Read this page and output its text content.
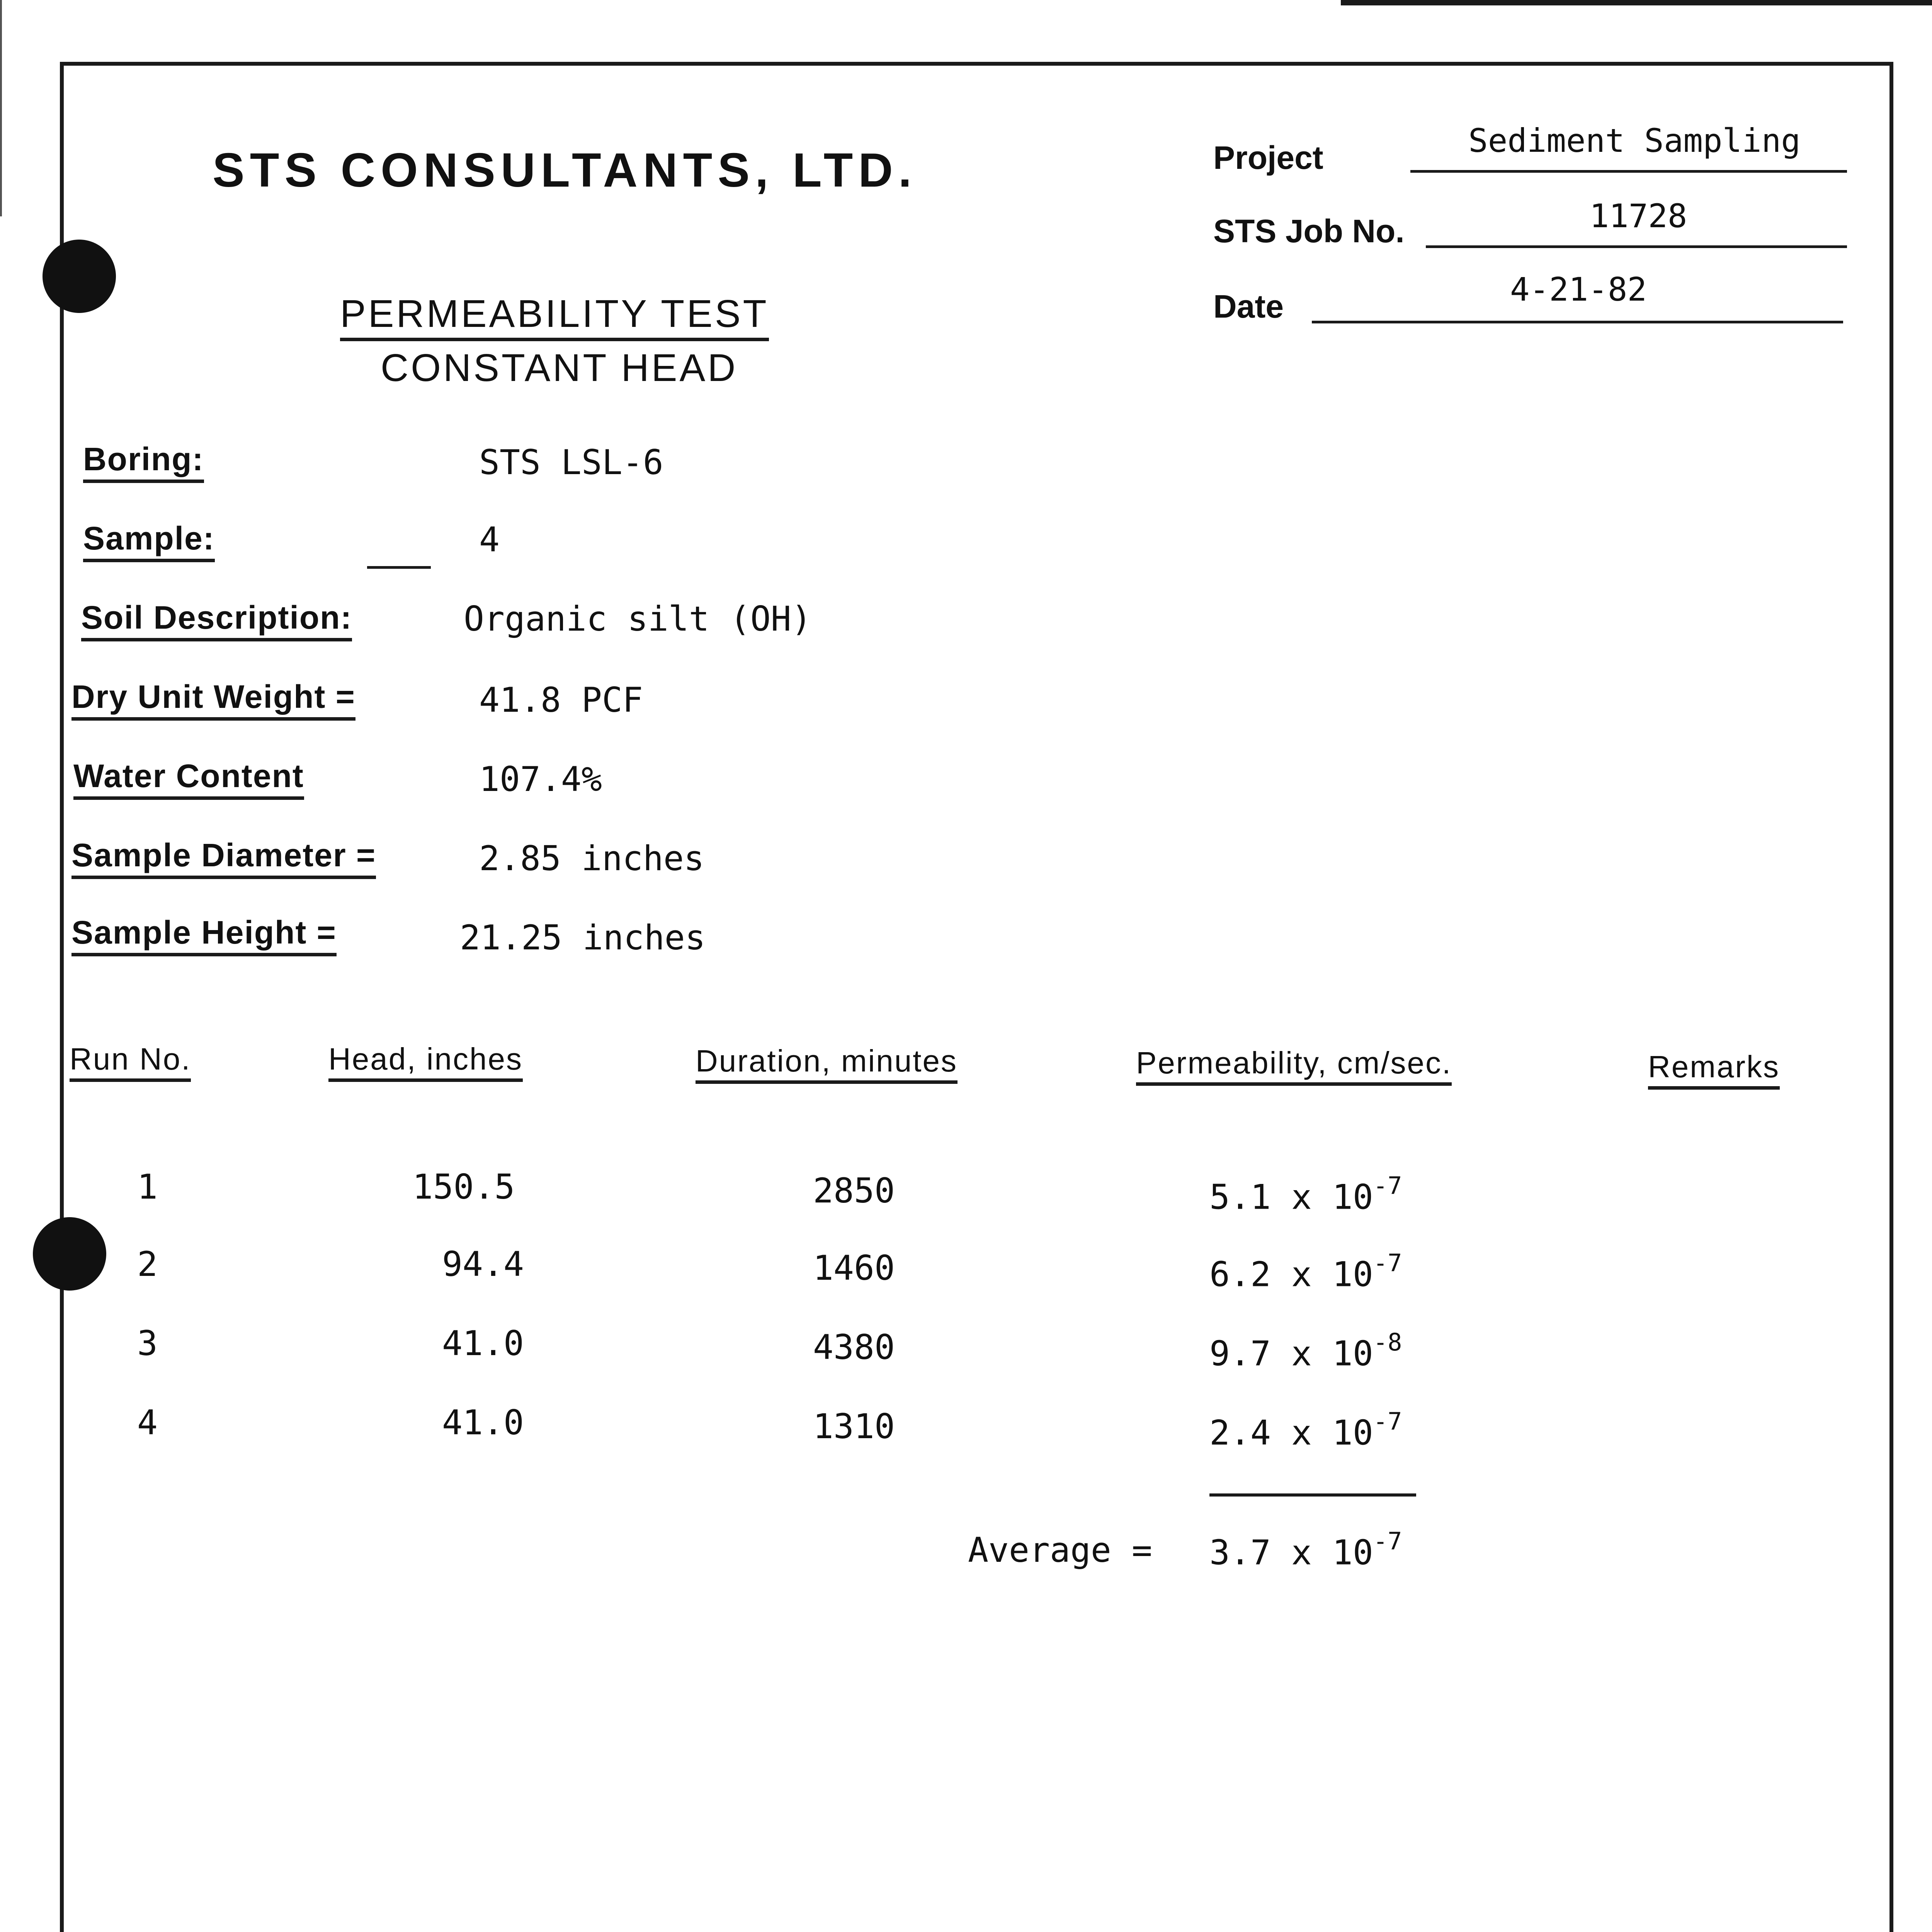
STS CONSULTANTS, LTD.
PERMEABILITY TEST
CONSTANT HEAD
Project	Sediment Sampling
STS Job No.	11728
Date	4-21-82
Boring:	STS LSL-6
Sample:	4
Soil Description:	Organic silt (OH)
Dry Unit Weight =	41.8 PCF
Water Content	107.4%
Sample Diameter =	2.85 inches
Sample Height =	21.25 inches
Run No.	Head, inches	Duration, minutes	Permeability, cm/sec.	Remarks
1	150.5	2850	5.1 x $10^{-7}$
2	94.4	1460	6.2 x $10^{-7}$
3	41.0	4380	9.7 x $10^{-8}$
4	41.0	1310	2.4 x $10^{-7}$
Average = 3.7 x $10^{-7}$
